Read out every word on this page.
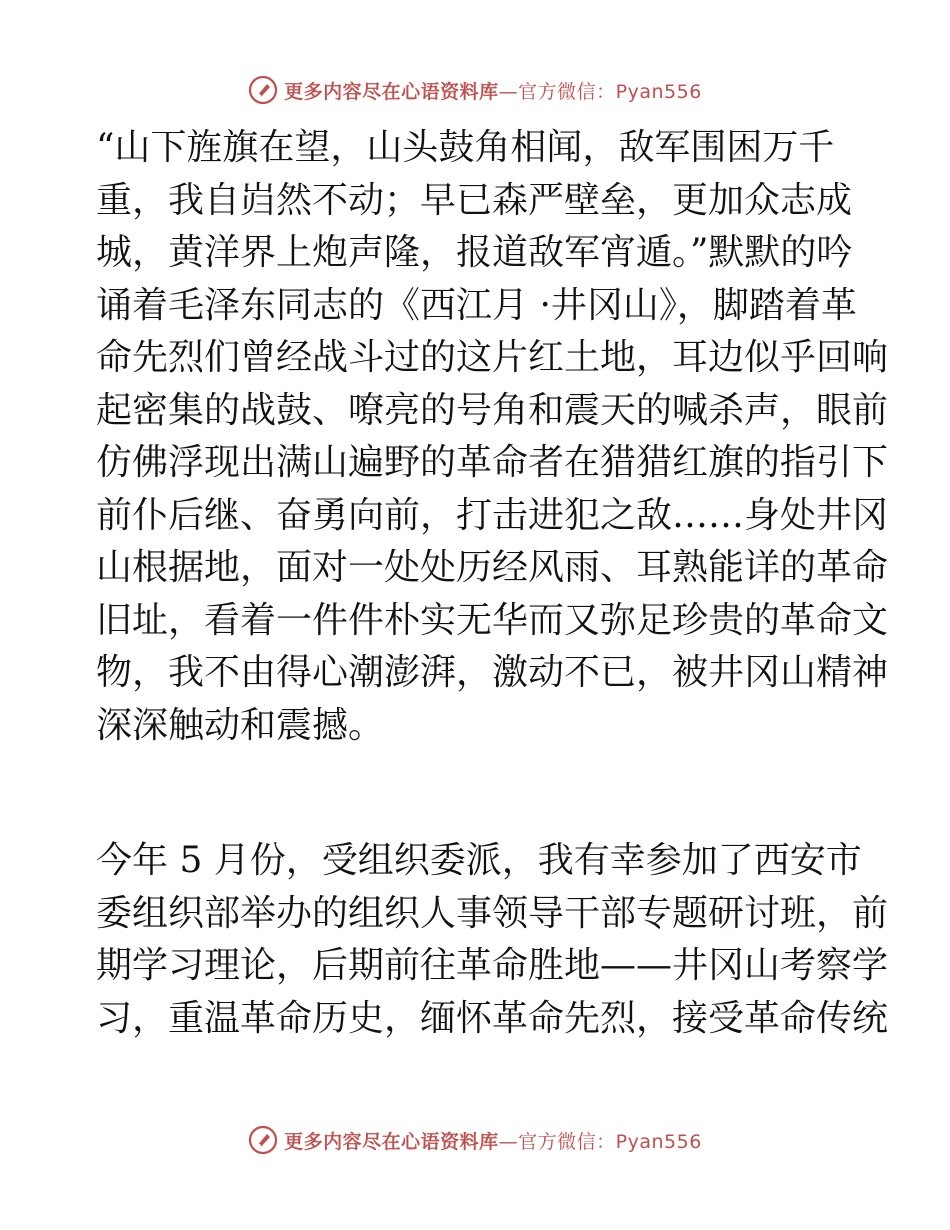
更多内容尽在心语资料库—官方微信：Pyan556
“山下旌旗在望，山头鼓角相闻，敌军围困万千
重，我自岿然不动；早已森严壁垒，更加众志成
城，黄洋界上炮声隆，报道敌军宵遁。”默默的吟
诵着毛泽东同志的《西江月 ·井冈山》，脚踏着革
命先烈们曾经战斗过的这片红土地，耳边似乎回响
起密集的战鼓、嘹亮的号角和震天的喊杀声，眼前
仿佛浮现出满山遍野的革命者在猎猎红旗的指引下
前仆后继、奋勇向前，打击进犯之敌……身处井冈
山根据地，面对一处处历经风雨、耳熟能详的革命
旧址，看着一件件朴实无华而又弥足珍贵的革命文
物，我不由得心潮澎湃，激动不已，被井冈山精神
深深触动和震撼。
今年 5 月份，受组织委派，我有幸参加了西安市
委组织部举办的组织人事领导干部专题研讨班，前
期学习理论，后期前往革命胜地——井冈山考察学
习，重温革命历史，缅怀革命先烈，接受革命传统
更多内容尽在心语资料库—官方微信：Pyan556
